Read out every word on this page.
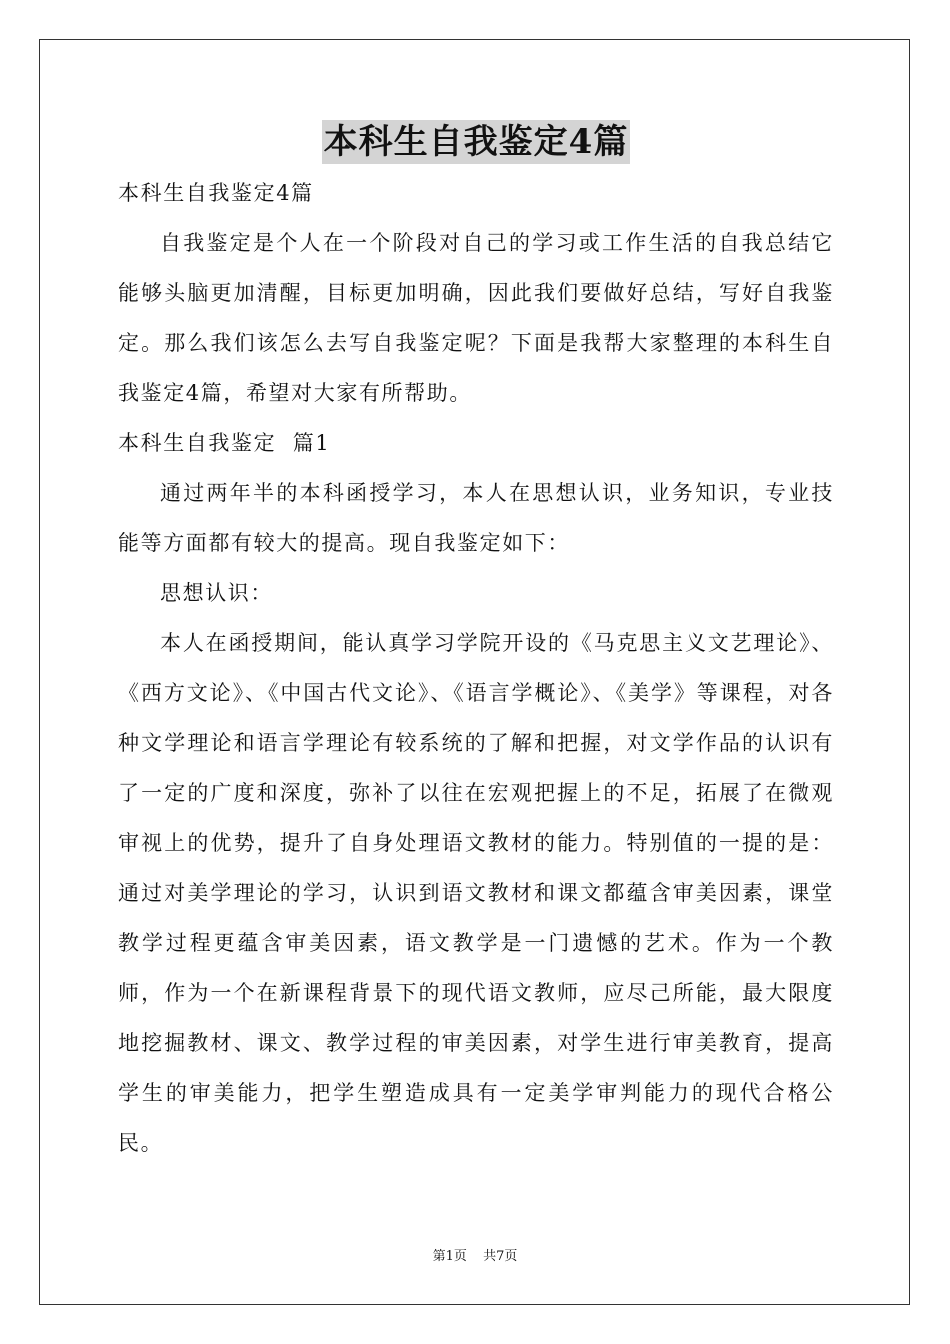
本科生自我鉴定4篇

本科生自我鉴定4篇

自我鉴定是个人在一个阶段对自己的学习或工作生活的自我总结它能够头脑更加清醒，目标更加明确，因此我们要做好总结，写好自我鉴定。那么我们该怎么去写自我鉴定呢？下面是我帮大家整理的本科生自我鉴定4篇，希望对大家有所帮助。

本科生自我鉴定  篇1

通过两年半的本科函授学习，本人在思想认识，业务知识，专业技能等方面都有较大的提高。现自我鉴定如下：

思想认识：

本人在函授期间，能认真学习学院开设的《马克思主义文艺理论》、《西方文论》、《中国古代文论》、《语言学概论》、《美学》等课程，对各种文学理论和语言学理论有较系统的了解和把握，对文学作品的认识有了一定的广度和深度，弥补了以往在宏观把握上的不足，拓展了在微观审视上的优势，提升了自身处理语文教材的能力。特别值的一提的是：通过对美学理论的学习，认识到语文教材和课文都蕴含审美因素，课堂教学过程更蕴含审美因素，语文教学是一门遗憾的艺术。作为一个教师，作为一个在新课程背景下的现代语文教师，应尽己所能，最大限度地挖掘教材、课文、教学过程的审美因素，对学生进行审美教育，提高学生的审美能力，把学生塑造成具有一定美学审判能力的现代合格公民。

第1页 共7页
